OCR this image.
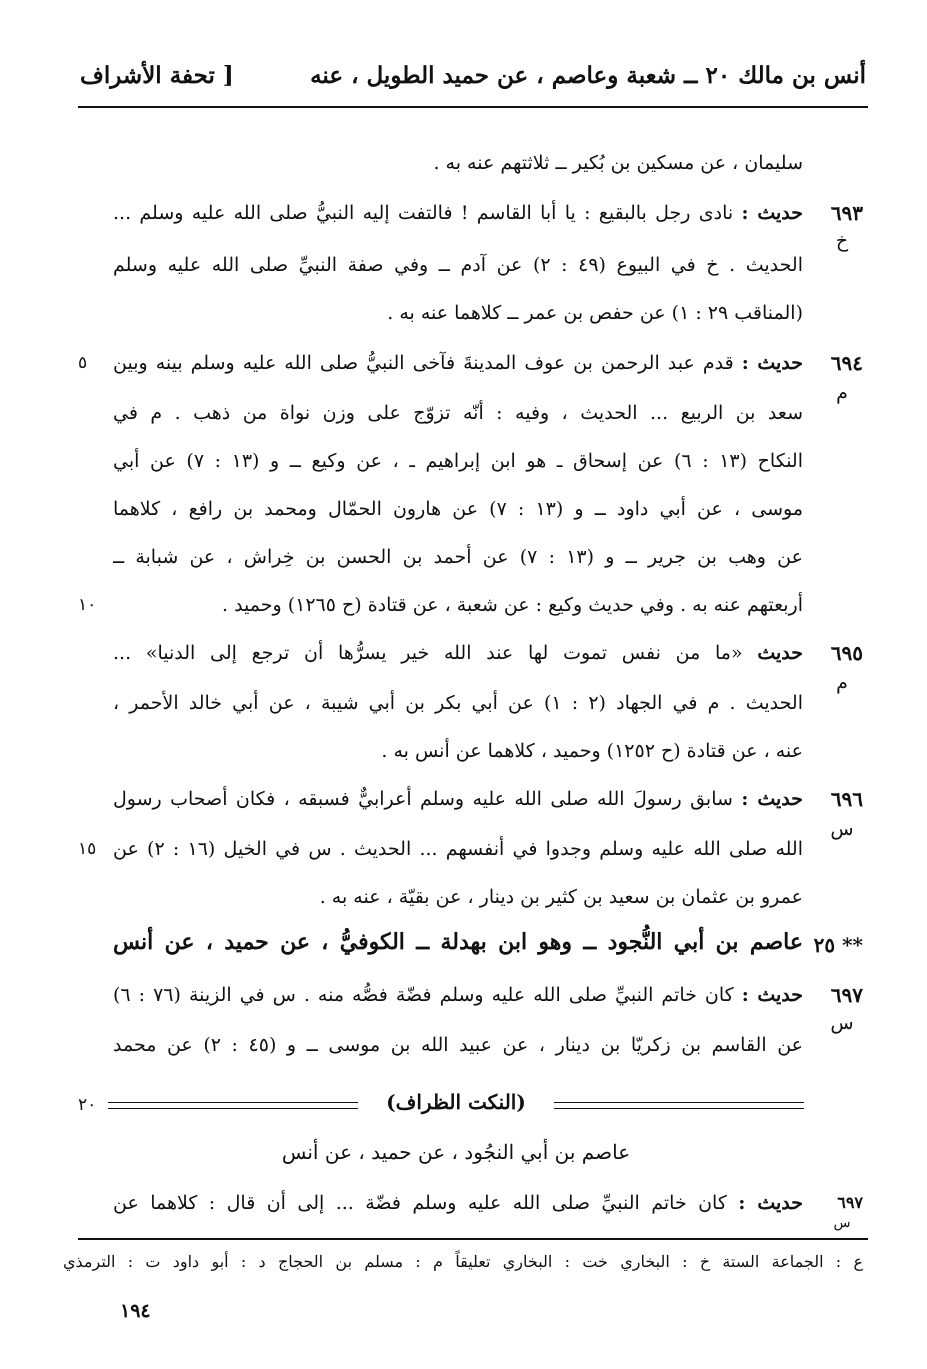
أنس بن مالك ٢٠ ــ شعبة وعاصم ، عن حميد الطويل ، عنه
[ تحفة الأشراف
سليمان ، عن مسكين بن بُكير ــ ثلاثتهم عنه به .
٦٩٣
خ
حديث : نادى رجل بالبقيع : يا أبا القاسم ! فالتفت إليه النبيُّ صلى الله عليه وسلم ...
الحديث . خ في البيوع (٤٩ : ٢) عن آدم ــ وفي صفة النبيِّ صلى الله عليه وسلم
(المناقب ٢٩ : ١) عن حفص بن عمر ــ كلاهما عنه به .
٦٩٤
م
٥	حديث : قدم عبد الرحمن بن عوف المدينةَ فآخى النبيُّ صلى الله عليه وسلم بينه وبين
سعد بن الربيع ... الحديث ، وفيه : أنّه تزوّج على وزن نواة من ذهب . م في
النكاح (١٣ : ٦) عن إسحاق ـ هو ابن إبراهيم ـ ، عن وكيع ــ و (١٣ : ٧) عن أبي
موسى ، عن أبي داود ــ و (١٣ : ٧) عن هارون الحمّال ومحمد بن رافع ، كلاهما
عن وهب بن جرير ــ و (١٣ : ٧) عن أحمد بن الحسن بن خِراش ، عن شبابة ــ
أربعتهم عنه به . وفي حديث وكيع : عن شعبة ، عن قتادة (ح ١٢٦٥) وحميد .
١٠
٦٩٥
م
حديث «ما من نفس تموت لها عند الله خير يسرُّها أن ترجع إلى الدنيا» ...
الحديث . م في الجهاد (٢ : ١) عن أبي بكر بن أبي شيبة ، عن أبي خالد الأحمر ،
عنه ، عن قتادة (ح ١٢٥٢) وحميد ، كلاهما عن أنس به .
٦٩٦
س
حديث : سابق رسولَ الله صلى الله عليه وسلم أعرابيٌّ فسبقه ، فكان أصحاب رسول
الله صلى الله عليه وسلم وجدوا في أنفسهم ... الحديث . س في الخيل (١٦ : ٢) عن
١٥
عمرو بن عثمان بن سعيد بن كثير بن دينار ، عن بقيّة ، عنه به .
٢٥ **
عاصم بن أبي النُّجود ــ وهو ابن بهدلة ــ الكوفيُّ ، عن حميد ، عن أنس
٦٩٧
س
حديث : كان خاتم النبيِّ صلى الله عليه وسلم فضّة فصُّه منه . س في الزينة (٧٦ : ٦)
عن القاسم بن زكريّا بن دينار ، عن عبيد الله بن موسى ــ و (٤٥ : ٢) عن محمد
(النكت الظراف)
٢٠
عاصم بن أبي النجُود ، عن حميد ، عن أنس
٦٩٧
س
حديث : كان خاتم النبيِّ صلى الله عليه وسلم فضّة ... إلى أن قال : كلاهما عن
ع : الجماعة الستة خ : البخاري خت : البخاري تعليقاً م : مسلم بن الحجاج د : أبو داود ت : الترمذي
١٩٤
